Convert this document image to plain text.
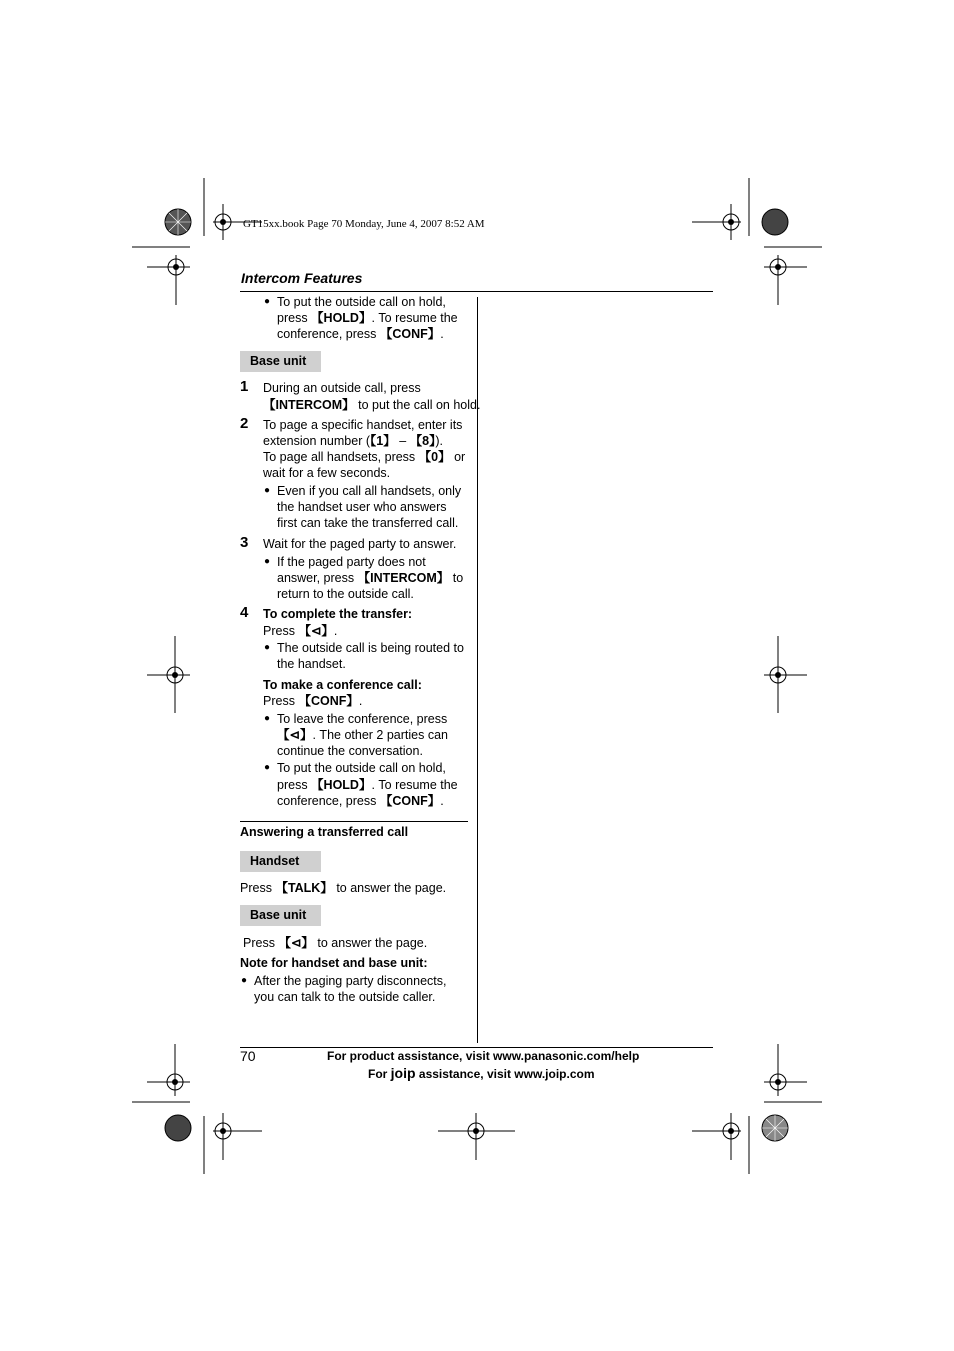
GT15xx.book Page 70 Monday, June 4, 2007 8:52 AM
Intercom Features
● To put the outside call on hold,
press 【HOLD】. To resume the
conference, press 【CONF】.
Base unit
1 During an outside call, press
【INTERCOM】 to put the call on hold.
2 To page a specific handset, enter its
extension number (【1】 – 【8】).
To page all handsets, press 【0】 or
wait for a few seconds.
● Even if you call all handsets, only
the handset user who answers
first can take the transferred call.
3 Wait for the paged party to answer.
● If the paged party does not
answer, press 【INTERCOM】 to
return to the outside call.
4 To complete the transfer:
Press 【⊲】.
● The outside call is being routed to
the handset.
To make a conference call:
Press 【CONF】.
● To leave the conference, press
【⊲】. The other 2 parties can
continue the conversation.
● To put the outside call on hold,
press 【HOLD】. To resume the
conference, press 【CONF】.
Answering a transferred call
Handset
Press 【TALK】 to answer the page.
Base unit
Press 【⊲】 to answer the page.
Note for handset and base unit:
● After the paging party disconnects,
you can talk to the outside caller.
70	For product assistance, visit www.panasonic.com/help
For joip assistance, visit www.joip.com
